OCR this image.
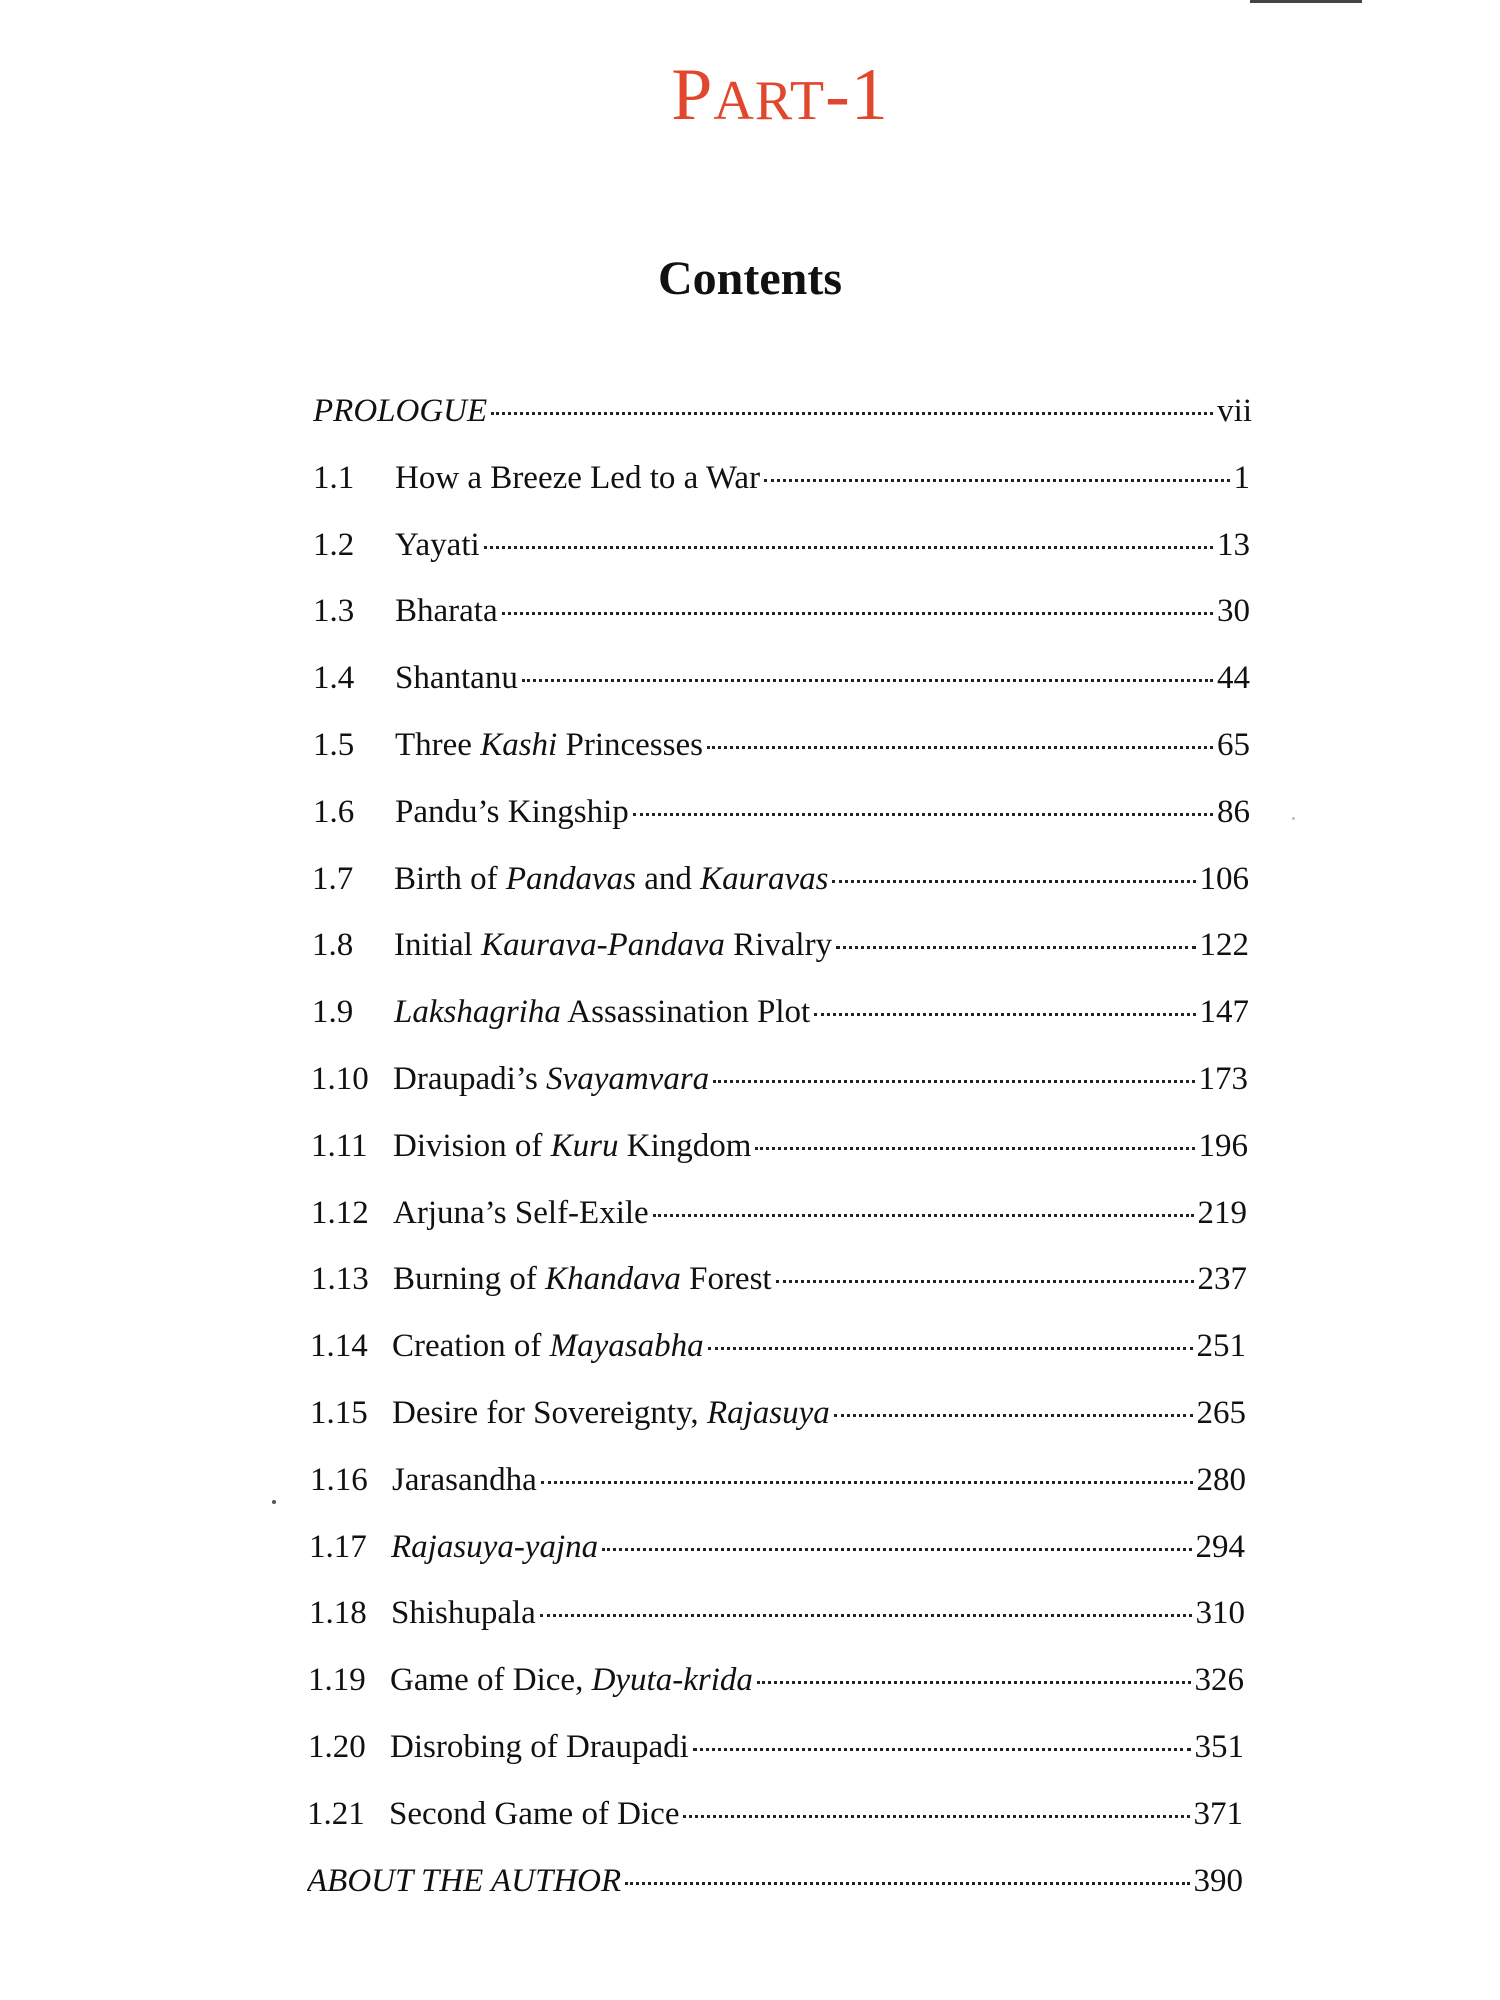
PART-1
Contents
PROLOGUE	vii
1.1	How a Breeze Led to a War	1
1.2	Yayati	13
1.3	Bharata	30
1.4	Shantanu	44
1.5	Three Kashi Princesses	65
1.6	Pandu’s Kingship	86
1.7	Birth of Pandavas and Kauravas	106
1.8	Initial Kaurava-Pandava Rivalry	122
1.9	Lakshagriha Assassination Plot	147
1.10 Draupadi’s Svayamvara	173
1.11 Division of Kuru Kingdom	196
1.12 Arjuna’s Self-Exile	219
1.13 Burning of Khandava Forest	237
1.14 Creation of Mayasabha	251
1.15 Desire for Sovereignty, Rajasuya	265
1.16 Jarasandha	280
1.17 Rajasuya-yajna	294
1.18 Shishupala	310
1.19 Game of Dice, Dyuta-krida	326
1.20 Disrobing of Draupadi	351
1.21 Second Game of Dice	371
ABOUT THE AUTHOR	390
